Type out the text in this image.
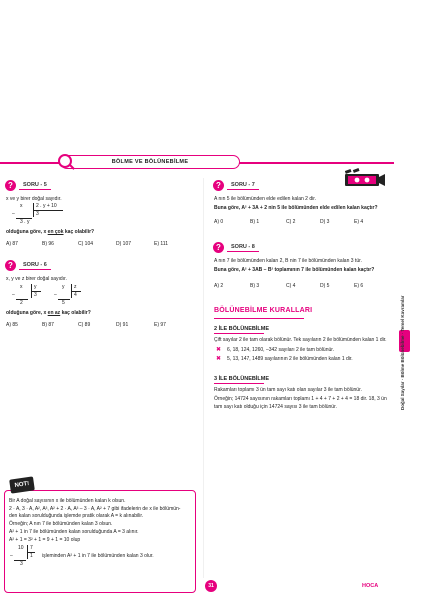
BÖLME VE BÖLÜNEBİLME
?	SORU - 5
x ve y birer doğal sayıdır.
x	2 . y + 10
3
–
3 . y
olduğuna göre, x en çok kaç olabilir?
A) 87	B) 96	C) 104	D) 107	E) 111
?	SORU - 6
x, y ve z birer doğal sayıdır.
x y
3
–
2
y z
4
–
5
olduğuna göre, x en az kaç olabilir?
A) 85	B) 87	C) 89	D) 91	E) 97
NOT!
Bir A doğal sayısının x ile bölümünden kalan k olsun.
2 · A, 3 · A, A², A³, A² + 2 · A, A³ – 3 · A, A² + 7 gibi ifadelerin de x ile bölümün-
den kalan sorulduğunda işlemde pratik olarak A = k alınabilir.
Örneğin; A nın 7 ile bölümünden kalan 3 olsun.
A² + 1 in 7 ile bölümünden kalan sorulduğunda A = 3 alınır.
A² + 1 = 3² + 1 = 9 + 1 = 10 olup
10 7
1
–
3
işleminden A² + 1 in 7 ile bölümünden kalan 3 olur.
?	SORU - 7
A nın 5 ile bölümünden elde edilen kalan 2 dir.
Buna göre, A² + 3A + 2 nin 5 ile bölümünden elde edilen kalan kaçtır?
A) 0	B) 1	C) 2	D) 3	E) 4
?	SORU - 8
A nın 7 ile bölümünden kalan 2, B nin 7 ile bölümünden kalan 3 tür.
Buna göre, A² + 3AB – B² toplamının 7 ile bölümünden kalan kaçtır?
A) 2	B) 3	C) 4	D) 5	E) 6
BÖLÜNEBİLME KURALLARI
2 İLE BÖLÜNEBİLME
Çift sayılar 2 ile tam olarak bölünür. Tek sayıların 2 ile bölümünden kalan 1 dir.
✖ 6, 18, 124, 1260, –342 sayıları 2 ile tam bölünür.
✖ 5, 13, 147, 1489 sayılarının 2 ile bölümünden kalan 1 dir.
3 İLE BÖLÜNEBİLME
Rakamları toplamı 3 ün tam sayı katı olan sayılar 3 ile tam bölünür.
Örneğin; 14724 sayısının rakamları toplamı 1 + 4 + 7 + 2 + 4 = 18 dir. 18, 3 ün
tam sayı katı olduğu için 14724 sayısı 3 ile tam bölünür.	Doğal Sayılar · Bölme Bölünebilme · Temel Kavramlar
31	HOCA
